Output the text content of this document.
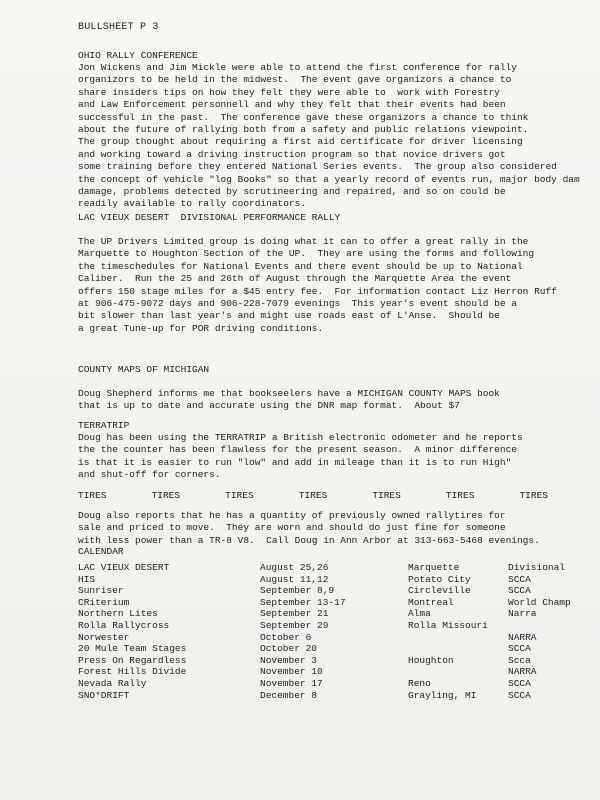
BULLSHEET P 3
OHIO RALLY CONFERENCE
Jon Wickens and Jim Mickle were able to attend the first conference for rally
organizors to be held in the midwest.  The event gave organizors a chance to
share insiders tips on how they felt they were able to  work with Forestry
and Law Enforcement personnell and why they felt that their events had been
successful in the past.  The conference gave these organizors a chance to think
about the future of rallying both from a safety and public relations viewpoint.
The group thought about requiring a first aid certificate for driver licensing
and working toward a driving instruction program so that novice drivers got
some training before they entered National Series events.  The group also considered
the concept of vehicle "log Books" so that a yearly record of events run, major body dam
damage, problems detected by scrutineering and repaired, and so on could be
readily available to rally coordinators.
LAC VIEUX DESERT  DIVISIONAL PERFORMANCE RALLY
The UP Drivers Limited group is doing what it can to offer a great rally in the
Marquette to Houghton Section of the UP.  They are using the forms and following
the timeschedules for National Events and there event should be up to National
Caliber.  Run the 25 and 26th of August through the Marquette Area the event
offers 150 stage miles for a $45 entry fee.  For information contact Liz Herron Ruff
at 906-475-9072 days and 906-228-7079 evenings  This year's event should be a
bit slower than last year's and might use roads east of L'Anse.  Should be
a great Tune-up for POR driving conditions.
COUNTY MAPS OF MICHIGAN
Doug Shepherd informs me that bookseelers have a MICHIGAN COUNTY MAPS book
that is up to date and accurate using the DNR map format.  About $7
TERRATRIP
Doug has been using the TERRATRIP a British electronic odometer and he reports
the the counter has been flawless for the present season.  A minor difference
is that it is easier to run "low" and add in mileage than it is to run High"
and shut-off for corners.
TIRES	TIRES	TIRES	TIRES	TIRES	TIRES	TIRES
Doug also reports that he has a quantity of previously owned rallytires for
sale and priced to move.  They are worn and should do just fine for someone
with less power than a TR-8 V8.  Call Doug in Ann Arbor at 313-663-5468 evenings.
CALENDAR
LAC VIEUX DESERT	August 25,26	Marquette	Divisional
HIS	August 11,12	Potato City	SCCA
Sunriser	September 8,9	Circleville	SCCA
CRiterium	September 13-17	Montreal	World Champ
Northern Lites	September 21	Alma	Narra
Rolla Rallycross	September 29	Rolla Missouri	
Norwester	October 6		NARRA
20 Mule Team Stages	October 20		SCCA
Press On Regardless	November 3	Houghton	Scca
Forest Hills Divide	November 10		NARRA
Nevada Rally	November 17	Reno	SCCA
SNO*DRIFT	December 8	Grayling, MI	SCCA
